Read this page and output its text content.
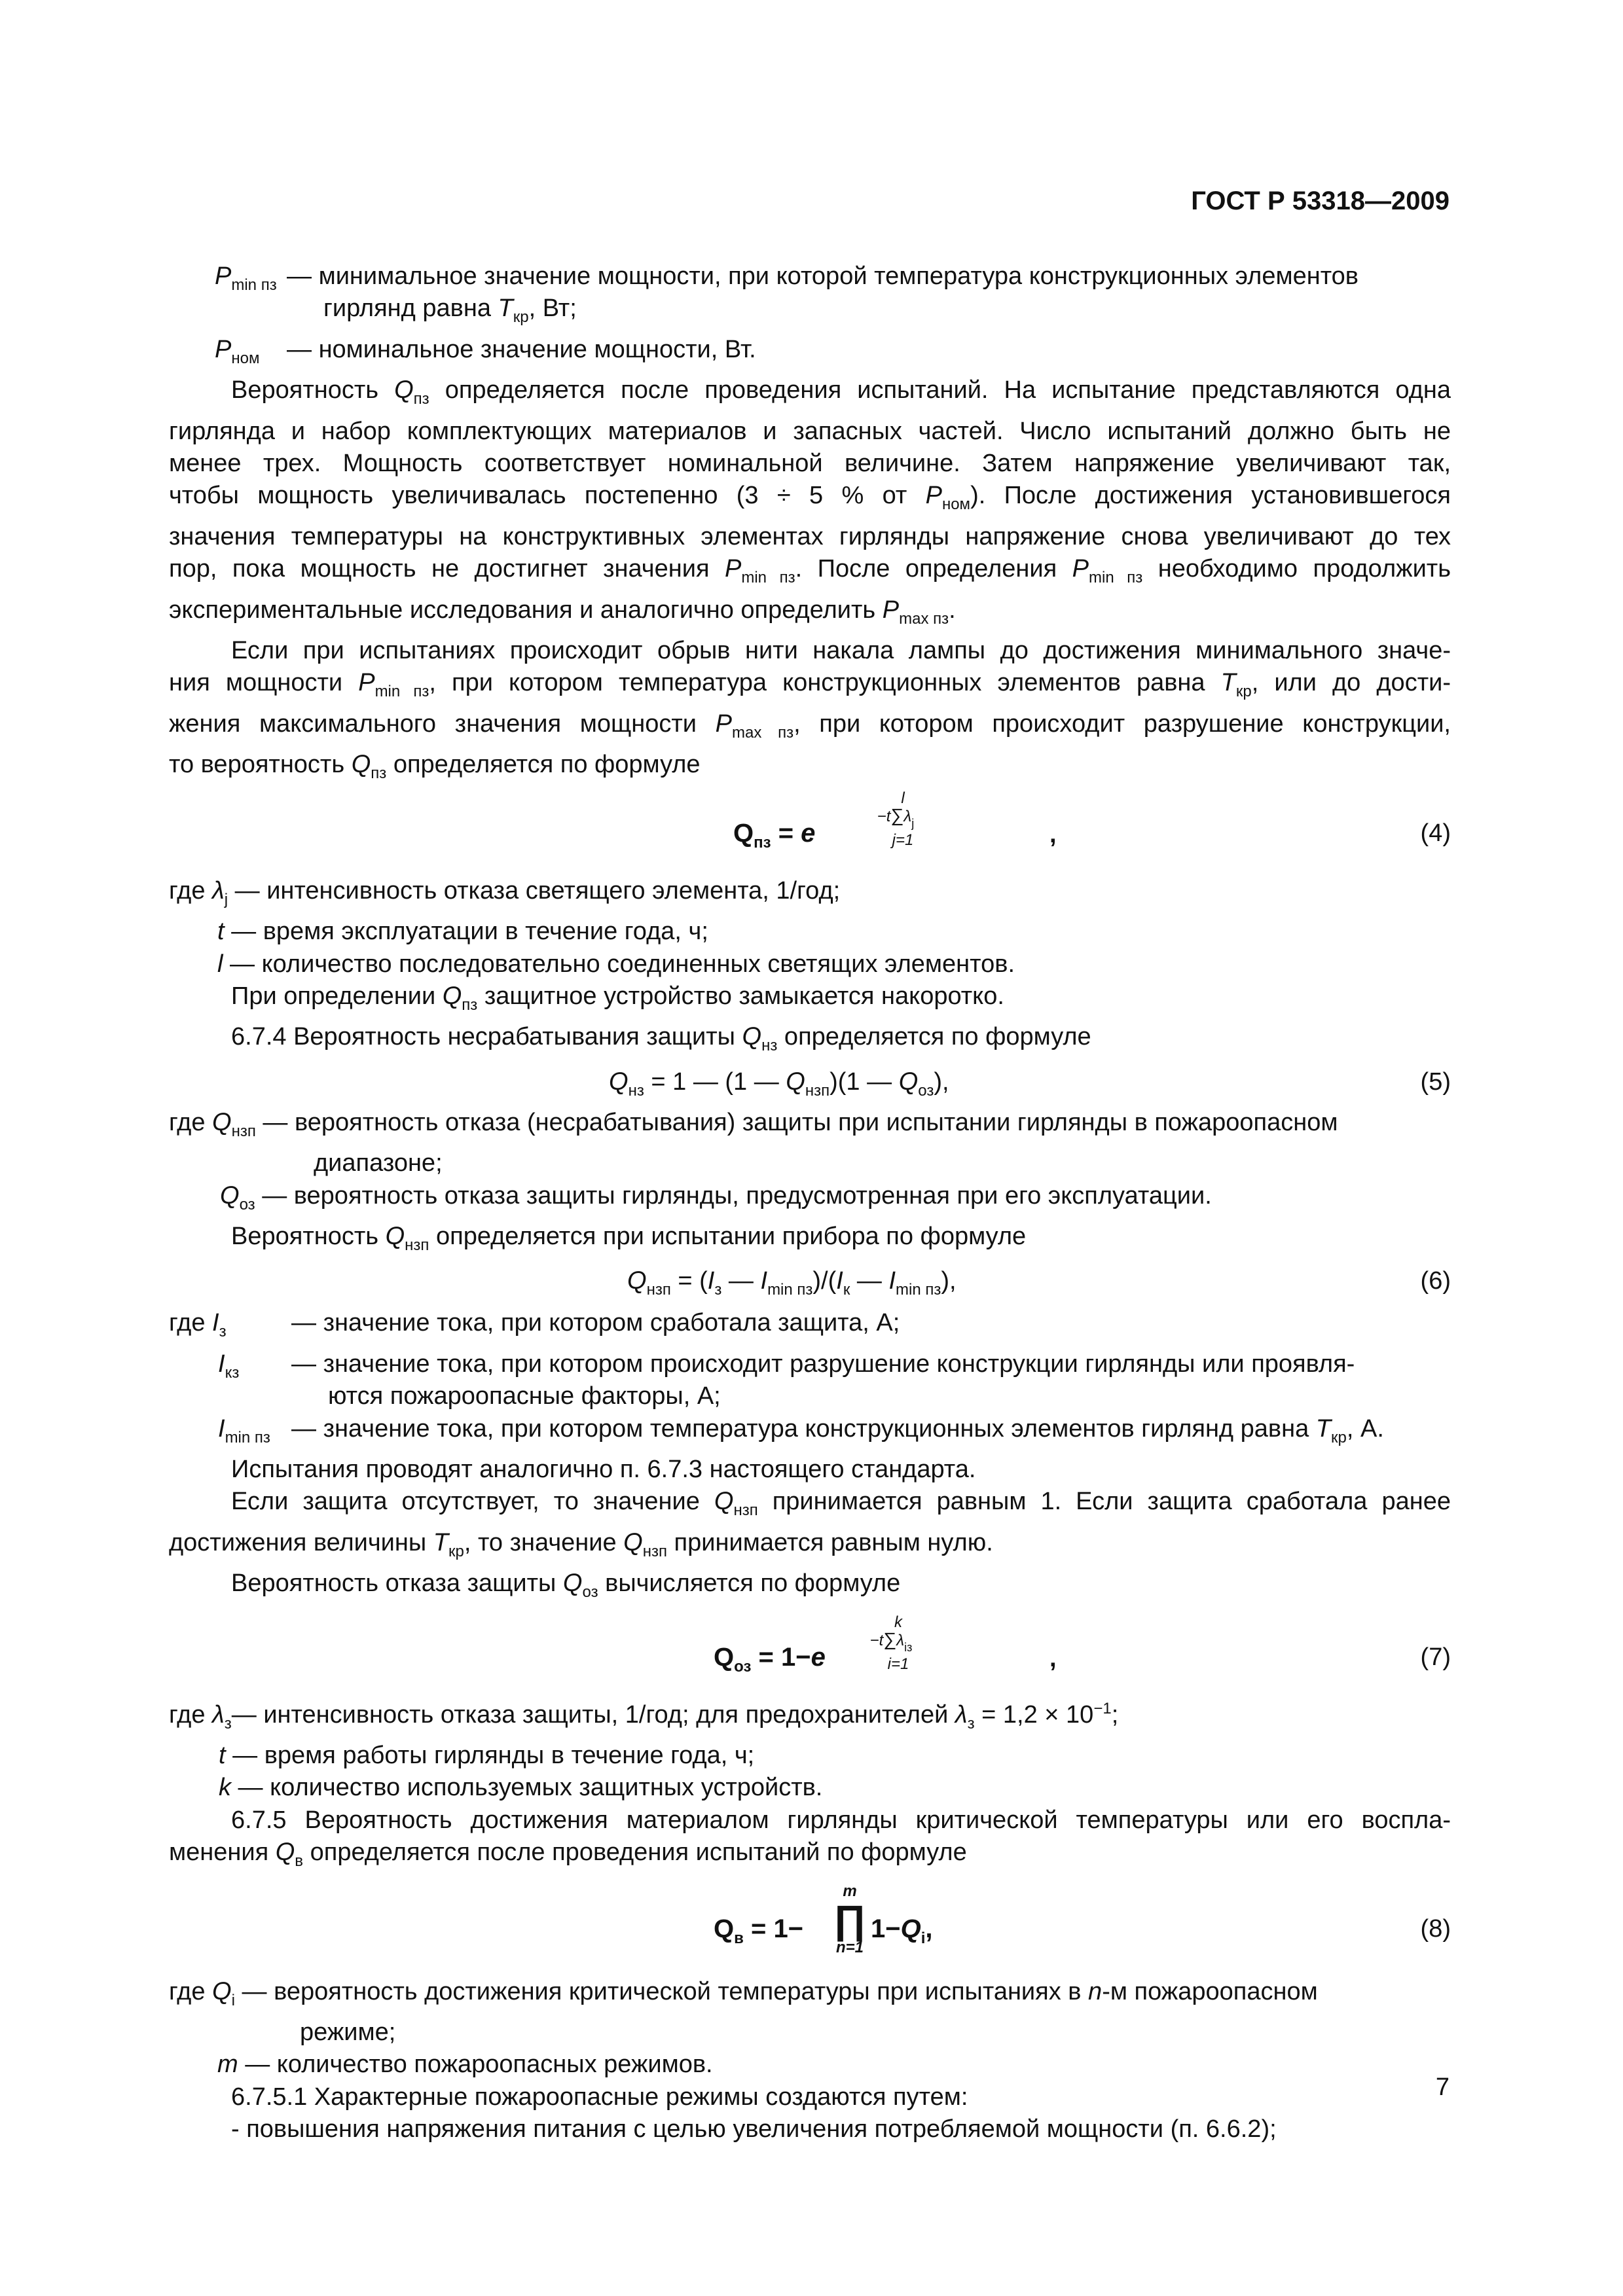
ГОСТ Р 53318—2009
$P_{min пз}$ — минимальное значение мощности, при которой температура конструкционных элементов
гирлянд равна $T_{кр}$, Вт;
$P_{ном}$	— номинальное значение мощности, Вт.
Вероятность $Q_{пз}$ определяется после проведения испытаний. На испытание представляются одна
гирлянда и набор комплектующих материалов и запасных частей. Число испытаний должно быть не
менее трех. Мощность соответствует номинальной величине. Затем напряжение увеличивают так,
чтобы мощность увеличивалась постепенно (3 ÷ 5 % от $P_{ном}$). После достижения установившегося
значения температуры на конструктивных элементах гирлянды напряжение снова увеличивают до тех
пор, пока мощность не достигнет значения $P_{min пз}$. После определения $P_{min пз}$ необходимо продолжить
экспериментальные исследования и аналогично определить $P_{max пз}$.
Если при испытаниях происходит обрыв нити накала лампы до достижения минимального значе-
ния мощности $P_{min пз}$, при котором температура конструкционных элементов равна $T_{кр}$, или до дости-
жения максимального значения мощности $P_{max пз}$, при котором происходит разрушение конструкции,
то вероятность $Q_{пз}$ определяется по формуле
$Q_{пз} = e$
l
$-t\sum\lambda_j$
j=1	,	(4)
где $\lambda_j$ — интенсивность отказа светящего элемента, 1/год;
t — время эксплуатации в течение года, ч;
l — количество последовательно соединенных светящих элементов.
При определении $Q_{пз}$ защитное устройство замыкается накоротко.
6.7.4 Вероятность несрабатывания защиты $Q_{нз}$ определяется по формуле
$Q_{нз} = 1$ — (1 — $Q_{нзп})(1$ — $Q_{оз}$),	(5)
где $Q_{нзп}$ — вероятность отказа (несрабатывания) защиты при испытании гирлянды в пожароопасном
диапазоне;
$Q_{оз}$ — вероятность отказа защиты гирлянды, предусмотренная при его эксплуатации.
Вероятность $Q_{нзп}$ определяется при испытании прибора по формуле
$Q_{нзп} = (I_з$ — $I_{min пз})/(I_к$ — $I_{min пз}$),	(6)
где $I_з$	— значение тока, при котором сработала защита, А;
$I_{кз}$	— значение тока, при котором происходит разрушение конструкции гирлянды или проявля-
ются пожароопасные факторы, А;
$I_{min пз}$ — значение тока, при котором температура конструкционных элементов гирлянд равна $T_{кр}$, А.
Испытания проводят аналогично п. 6.7.3 настоящего стандарта.
Если защита отсутствует, то значение $Q_{нзп}$ принимается равным 1. Если защита сработала ранее
достижения величины $T_{кр}$, то значение $Q_{нзп}$ принимается равным нулю.
Вероятность отказа защиты $Q_{оз}$ вычисляется по формуле
$Q_{оз} = 1-e$
k
$-t\sum\lambda_{із}$
i=1	,	(7)
где $\lambda_з—$ интенсивность отказа защиты, 1/год; для предохранителей $\lambda_з = 1,2 \times 10^{-1}$;
t — время работы гирлянды в течение года, ч;
k — количество используемых защитных устройств.
6.7.5 Вероятность достижения материалом гирлянды критической температуры или его воспла-
менения $Q_в$ определяется после проведения испытаний по формуле
$Q_в = 1-$
m
∏
n=1
$1-Q_i$,	(8)
где $Q_i$ — вероятность достижения критической температуры при испытаниях в n-м пожароопасном
режиме;
m — количество пожароопасных режимов.
6.7.5.1 Характерные пожароопасные режимы создаются путем:
- повышения напряжения питания с целью увеличения потребляемой мощности (п. 6.6.2);
7
